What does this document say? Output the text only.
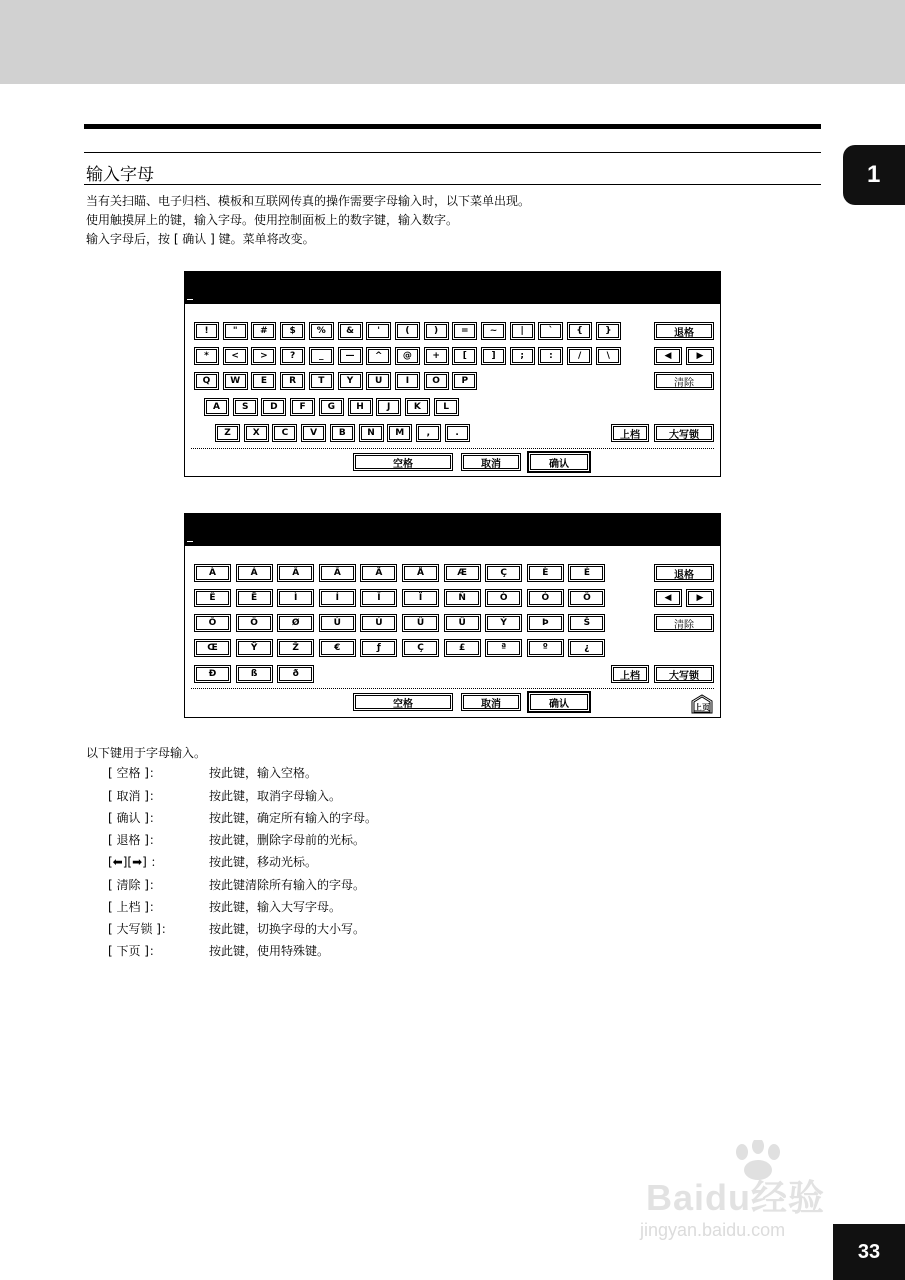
1
输入字母
当有关扫瞄、电子归档、模板和互联网传真的操作需要字母输入时，以下菜单出现。
使用触摸屏上的键，输入字母。使用控制面板上的数字键，输入数字。
输入字母后，按 [ 确认 ] 键。菜单将改变。
!	"	#	$	%	&	'	(	)	=	~	|	`	{	}
*	<	>	?	_	—	^	@	+	[	]	;	:	/	\
Q	W	E	R	T	Y	U	I	O	P
A	S	D	F	G	H	J	K	L
Z	X	C	V	B	N	M	,	.
退格
◀	▶
清除
上档	大写锁
空格	取消	确认
À	Á	Â	Ã	Ä	Å	Æ	Ç	È	É
Ê	Ë	Ì	Í	Î	Ï	Ñ	Ò	Ó	Ô
Õ	Ö	Ø	Ù	Ú	Û	Ü	Ý	Þ	Š
Œ	Ÿ	Ž	€	ƒ	Ç	£	ª	º	¿
Ð	ß	ð
退格
◀	▶
清除
上档	大写锁
空格	取消	确认	上页
以下键用于字母输入。
[ 空格 ]：	按此键，输入空格。
[ 取消 ]：	按此键，取消字母输入。
[ 确认 ]：	按此键，确定所有输入的字母。
[ 退格 ]：	按此键，删除字母前的光标。
[⬅][➡] ：	按此键，移动光标。
[ 清除 ]：	按此键清除所有输入的字母。
[ 上档 ]：	按此键，输入大写字母。
[ 大写锁 ]：	按此键，切换字母的大小写。
[ 下页 ]：	按此键，使用特殊键。
Baidu经验
jingyan.baidu.com
33
